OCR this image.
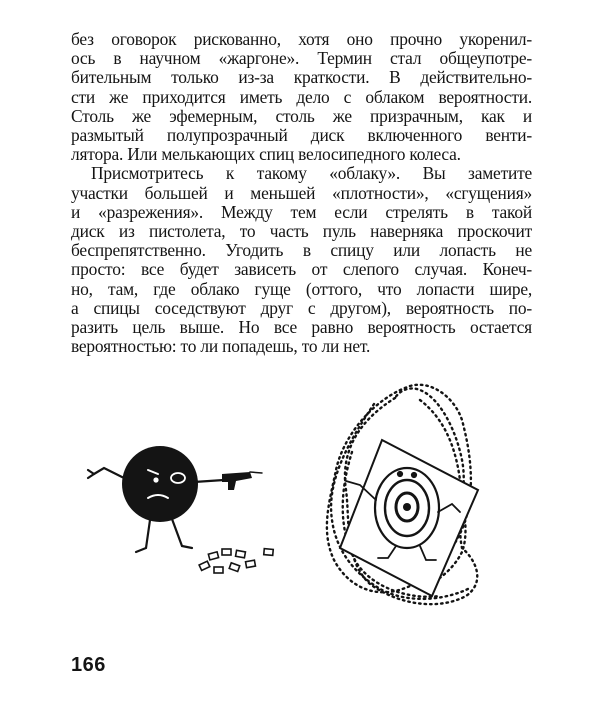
без оговорок рискованно, хотя оно прочно укоренил-
ось в научном «жаргоне». Термин стал общеупотре-
бительным только из-за краткости. В действительно-
сти же приходится иметь дело с облаком вероятности.
Столь же эфемерным, столь же призрачным, как и
размытый полупрозрачный диск включенного венти-
лятора. Или мелькающих спиц велосипедного колеса.
Присмотритесь к такому «облаку». Вы заметите
участки большей и меньшей «плотности», «сгущения»
и «разрежения». Между тем если стрелять в такой
диск из пистолета, то часть пуль наверняка проскочит
беспрепятственно. Угодить в спицу или лопасть не
просто: все будет зависеть от слепого случая. Конеч-
но, там, где облако гуще (оттого, что лопасти шире,
а спицы соседствуют друг с другом), вероятность по-
разить цель выше. Но все равно вероятность остается
вероятностью: то ли попадешь, то ли нет.
166
